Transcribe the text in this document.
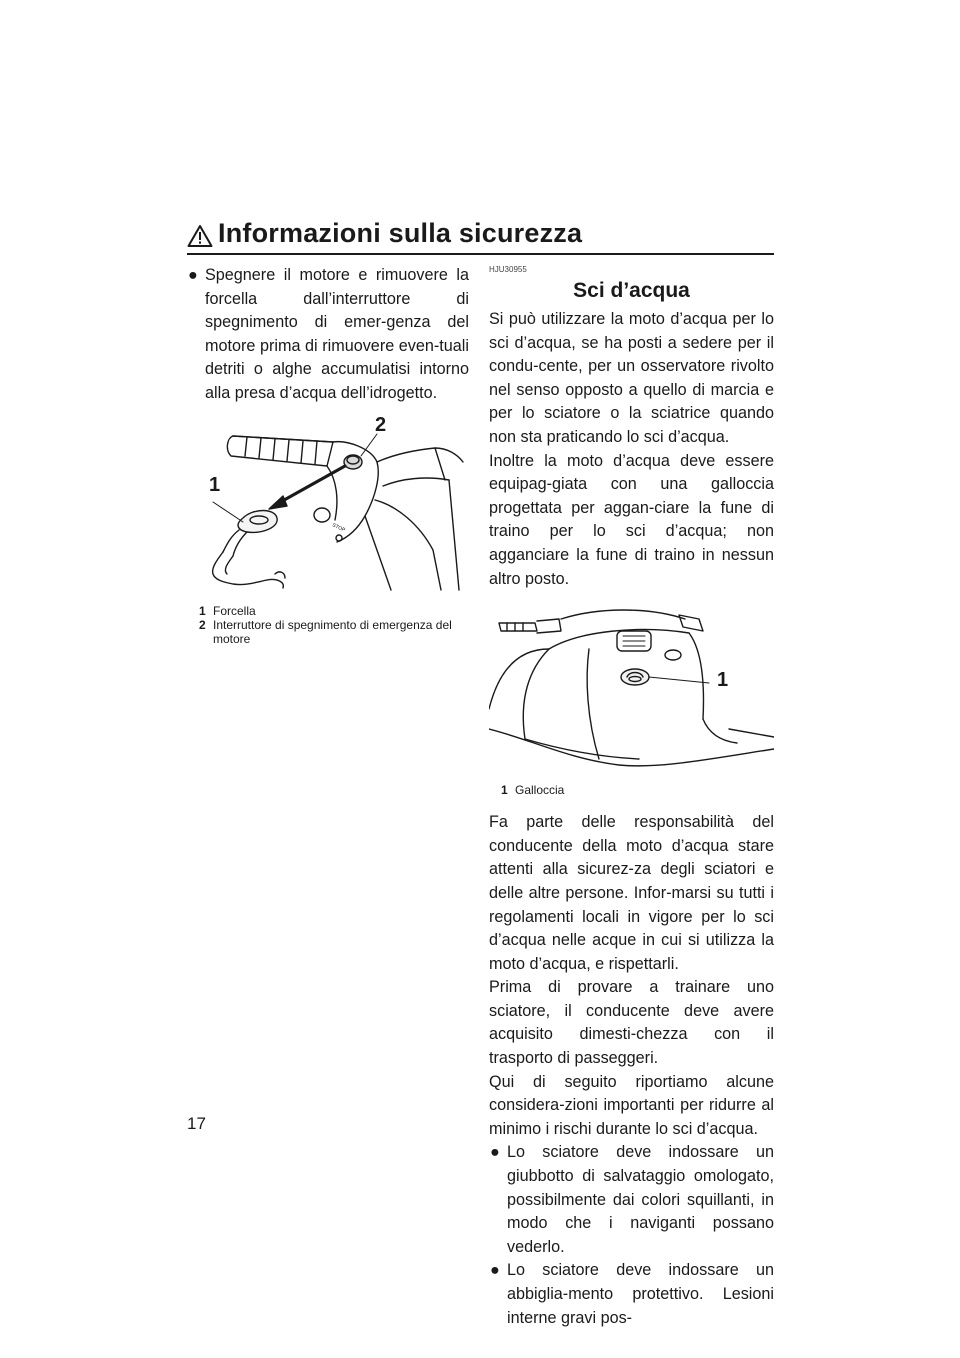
Informazioni sulla sicurezza

● Spegnere il motore e rimuovere la forcella dall’interruttore di spegnimento di emer-genza del motore prima di rimuovere even-tuali detriti o alghe accumulatisi intorno alla presa d’acqua dell’idrogetto.

STOP
1
2

1 Forcella

2 Interruttore di spegnimento di emergenza del motore

HJU30955

Sci d’acqua

Si può utilizzare la moto d’acqua per lo sci d’acqua, se ha posti a sedere per il condu-cente, per un osservatore rivolto nel senso opposto a quello di marcia e per lo sciatore o la sciatrice quando non sta praticando lo sci d’acqua.

Inoltre la moto d’acqua deve essere equipag-giata con una galloccia progettata per aggan-ciare la fune di traino per lo sci d’acqua; non agganciare la fune di traino in nessun altro posto.

1

1 Galloccia

Fa parte delle responsabilità del conducente della moto d’acqua stare attenti alla sicurez-za degli sciatori e delle altre persone. Infor-marsi su tutti i regolamenti locali in vigore per lo sci d’acqua nelle acque in cui si utilizza la moto d’acqua, e rispettarli.

Prima di provare a trainare uno sciatore, il conducente deve avere acquisito dimesti-chezza con il trasporto di passeggeri.

Qui di seguito riportiamo alcune considera-zioni importanti per ridurre al minimo i rischi durante lo sci d’acqua.

● Lo sciatore deve indossare un giubbotto di salvataggio omologato, possibilmente dai colori squillanti, in modo che i naviganti possano vederlo.

● Lo sciatore deve indossare un abbiglia-mento protettivo. Lesioni interne gravi pos-

17
